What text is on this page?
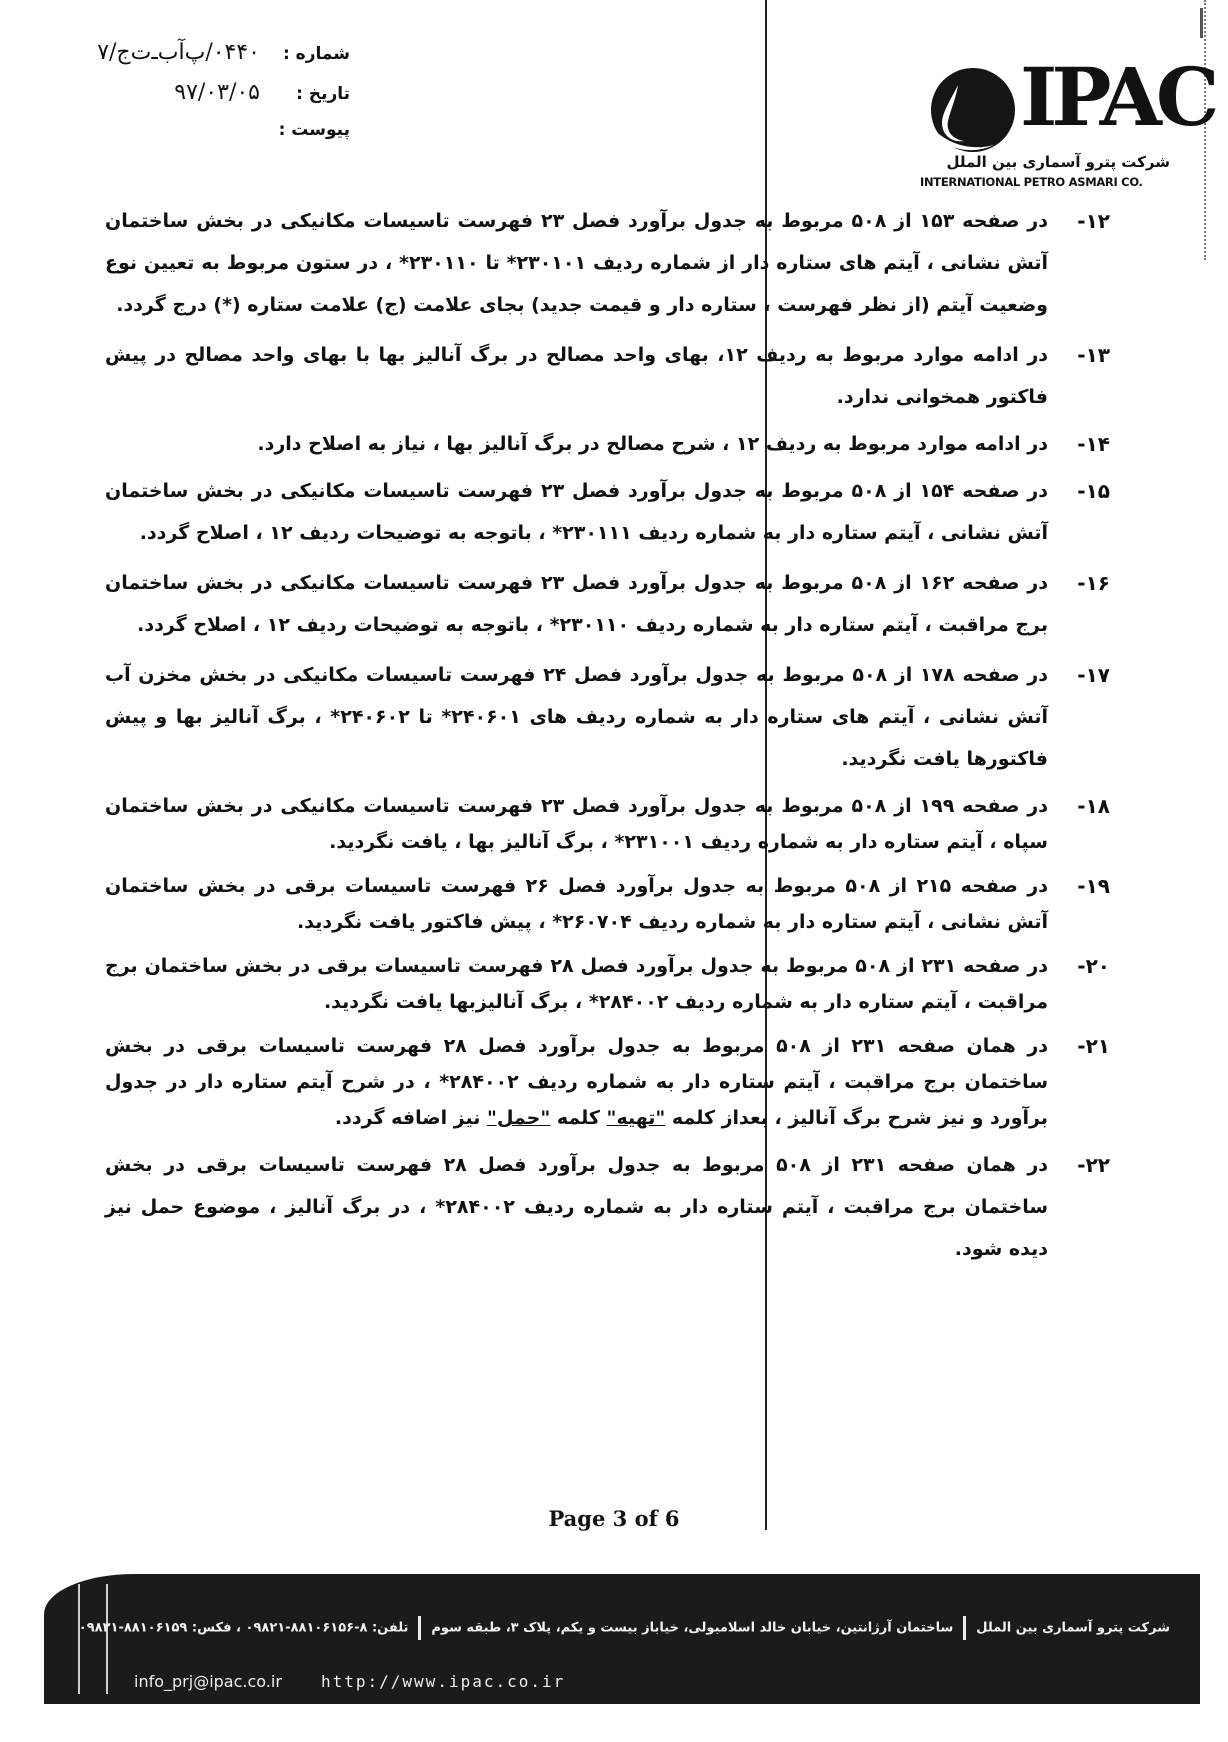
شماره :
۰۴۴۰/پ‌آ‌ب‌ـ‌ت‌ج/۷
تاریخ :
۹۷/۰۳/۰۵
پیوست :	IPAC
شرکت پترو آسماری بین الملل
INTERNATIONAL PETRO ASMARI CO.
۱۲-
در صفحه ۱۵۳ از ۵۰۸ مربوط به جدول برآورد فصل ۲۳ فهرست تاسیسات مکانیکی در بخش ساختمان آتش نشانی ، آیتم های ستاره دار از شماره ردیف ۲۳۰۱۰۱* تا ۲۳۰۱۱۰* ، در ستون مربوط به تعیین نوع وضعیت آیتم (از نظر فهرست ، ستاره دار و قیمت جدید) بجای علامت (ج) علامت ستاره (*) درج گردد.
۱۳-
در ادامه موارد مربوط به ردیف ۱۲، بهای واحد مصالح در برگ آنالیز بها با بهای واحد مصالح در پیش فاکتور همخوانی ندارد.
۱۴-
در ادامه موارد مربوط به ردیف ۱۲ ، شرح مصالح در برگ آنالیز بها ، نیاز به اصلاح دارد.
۱۵-
در صفحه ۱۵۴ از ۵۰۸ مربوط به جدول برآورد فصل ۲۳ فهرست تاسیسات مکانیکی در بخش ساختمان آتش نشانی ، آیتم ستاره دار به شماره ردیف ۲۳۰۱۱۱* ، باتوجه به توضیحات ردیف ۱۲ ، اصلاح گردد.
۱۶-
در صفحه ۱۶۲ از ۵۰۸ مربوط به جدول برآورد فصل ۲۳ فهرست تاسیسات مکانیکی در بخش ساختمان برج مراقبت ، آیتم ستاره دار به شماره ردیف ۲۳۰۱۱۰* ، باتوجه به توضیحات ردیف ۱۲ ، اصلاح گردد.
۱۷-
در صفحه ۱۷۸ از ۵۰۸ مربوط به جدول برآورد فصل ۲۴ فهرست تاسیسات مکانیکی در بخش مخزن آب آتش نشانی ، آیتم های ستاره دار به شماره ردیف های ۲۴۰۶۰۱* تا ۲۴۰۶۰۲* ، برگ آنالیز بها و پیش فاکتورها یافت نگردید.
۱۸-
در صفحه ۱۹۹ از ۵۰۸ مربوط به جدول برآورد فصل ۲۳ فهرست تاسیسات مکانیکی در بخش ساختمان سپاه ، آیتم ستاره دار به شماره ردیف ۲۳۱۰۰۱* ، برگ آنالیز بها ، یافت نگردید.
۱۹-
در صفحه ۲۱۵ از ۵۰۸ مربوط به جدول برآورد فصل ۲۶ فهرست تاسیسات برقی در بخش ساختمان آتش نشانی ، آیتم ستاره دار به شماره ردیف ۲۶۰۷۰۴* ، پیش فاکتور یافت نگردید.
۲۰-
در صفحه ۲۳۱ از ۵۰۸ مربوط به جدول برآورد فصل ۲۸ فهرست تاسیسات برقی در بخش ساختمان برج مراقبت ، آیتم ستاره دار به شماره ردیف ۲۸۴۰۰۲* ، برگ آنالیزبها یافت نگردید.
۲۱-
در همان صفحه ۲۳۱ از ۵۰۸ مربوط به جدول برآورد فصل ۲۸ فهرست تاسیسات برقی در بخش ساختمان برج مراقبت ، آیتم ستاره دار به شماره ردیف ۲۸۴۰۰۲* ، در شرح آیتم ستاره دار در جدول برآورد و نیز شرح برگ آنالیز ، بعداز کلمه "تهیه" کلمه "حمل" نیز اضافه گردد.
۲۲-
در همان صفحه ۲۳۱ از ۵۰۸ مربوط به جدول برآورد فصل ۲۸ فهرست تاسیسات برقی در بخش ساختمان برج مراقبت ، آیتم ستاره دار به شماره ردیف ۲۸۴۰۰۲* ، در برگ آنالیز ، موضوع حمل نیز دیده شود.
Page 3 of 6
شرکت پترو آسماری بین المللساختمان آرژانتین، خیابان خالد اسلامبولی، خیاباز بیست و یکم، پلاک ۳، طبقه سومتلفن: ۸-۸۸۱۰۶۱۵۶-۰۹۸۲۱ ، فکس: ۸۸۱۰۶۱۵۹-۰۹۸۲۱
info_prj@ipac.co.ir http://www.ipac.co.ir
